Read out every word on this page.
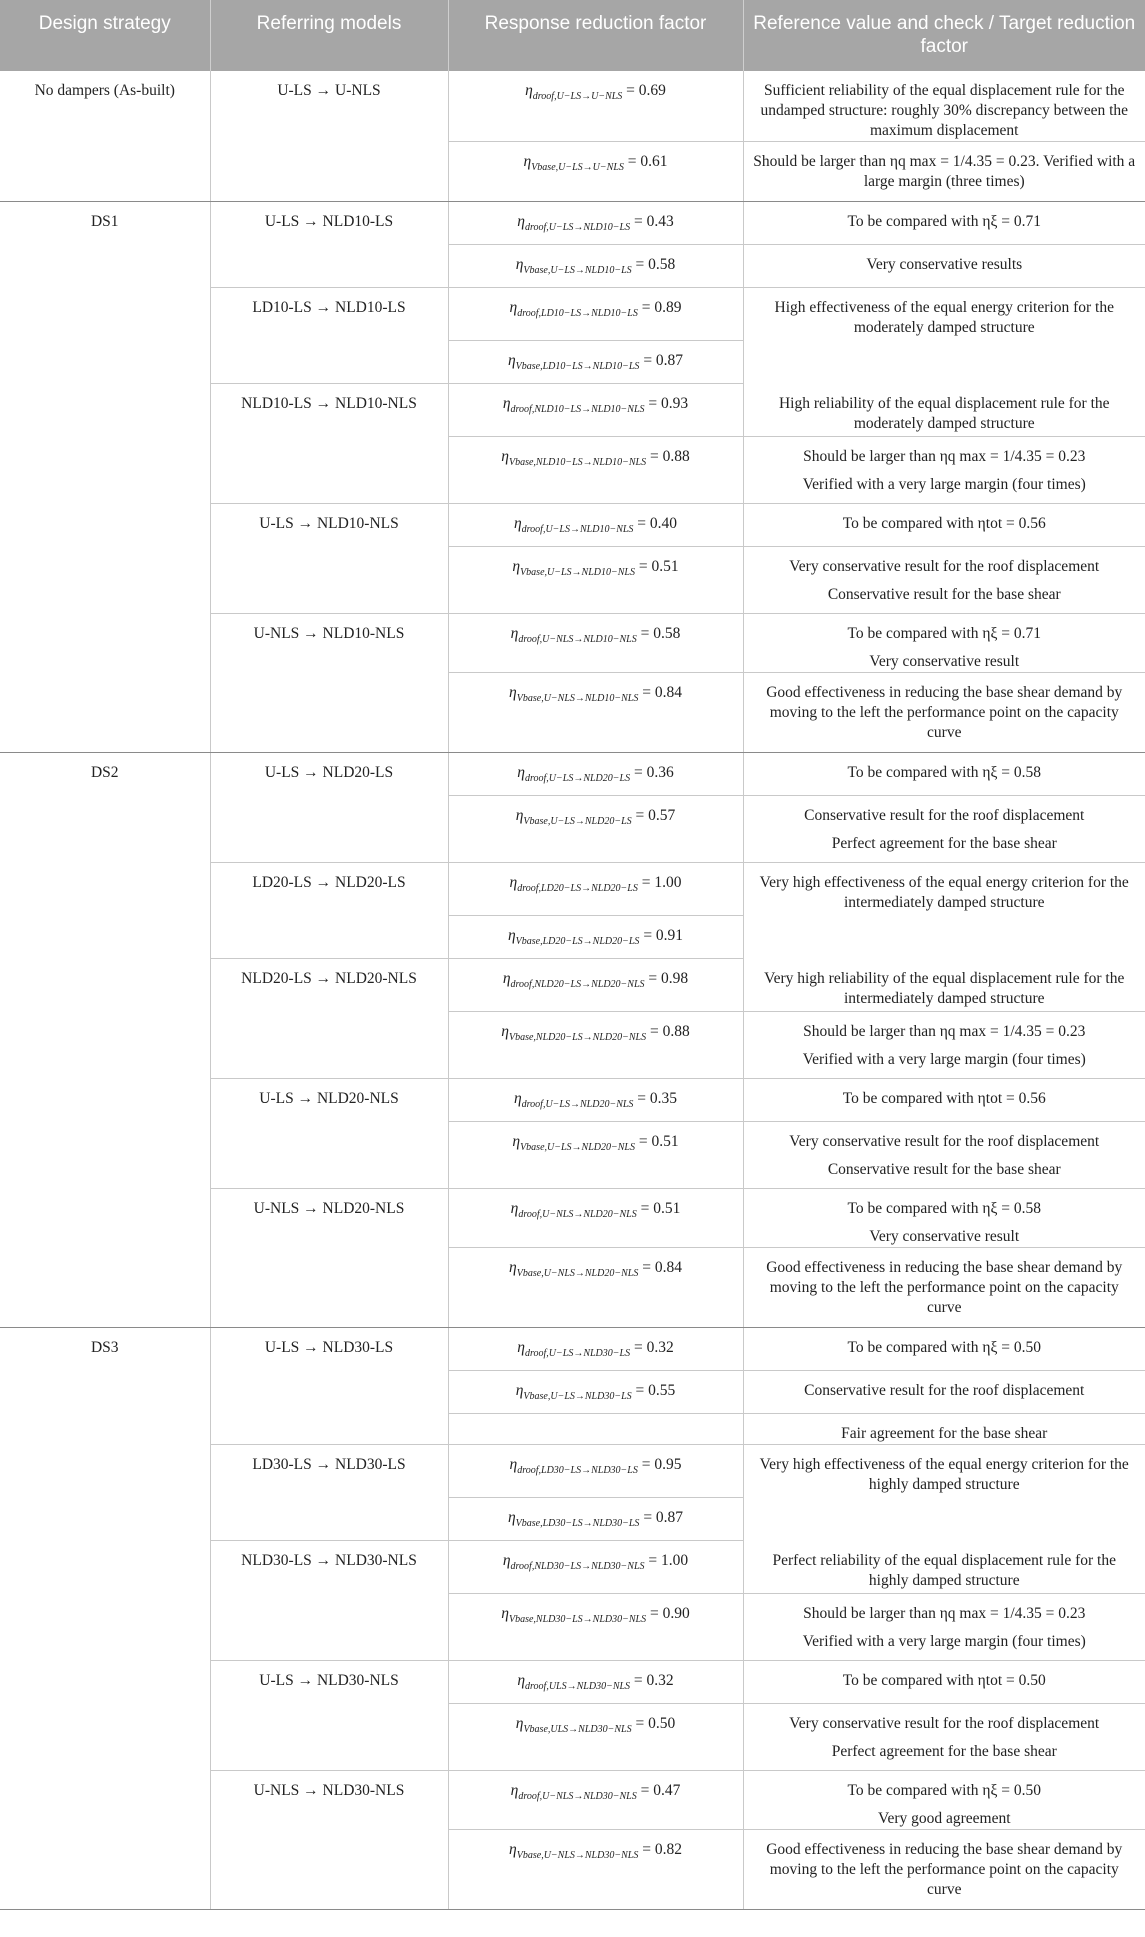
Design strategy	Referring models	Response reduction factor	Reference value and check / Target reduction factor
No dampers (As-built)	U-LS → U-NLS	$\eta_{droof,U-LS\to U-NLS} = 0.69$	Sufficient reliability of the equal displacement rule for the undamped structure: roughly 30% discrepancy between the maximum displacement

		$\eta_{Vbase,U-LS\to U-NLS} = 0.61$	Should be larger than ηq max = 1/4.35 = 0.23. Verified with a large margin (three times)

DS1	U-LS → NLD10-LS	$\eta_{droof,U-LS\to NLD10-LS} = 0.43$	To be compared with ηξ = 0.71

		$\eta_{Vbase,U-LS\to NLD10-LS} = 0.58$	Very conservative results

	LD10-LS → NLD10-LS	$\eta_{droof,LD10-LS\to NLD10-LS} = 0.89$	High effectiveness of the equal energy criterion for the moderately damped structure

		$\eta_{Vbase,LD10-LS\to NLD10-LS} = 0.87$	
	NLD10-LS → NLD10-NLS	$\eta_{droof,NLD10-LS\to NLD10-NLS} = 0.93$	High reliability of the equal displacement rule for the moderately damped structure

		$\eta_{Vbase,NLD10-LS\to NLD10-NLS} = 0.88$	Should be larger than ηq max = 1/4.35 = 0.23
Verified with a very large margin (four times)

	U-LS → NLD10-NLS	$\eta_{droof,U-LS\to NLD10-NLS} = 0.40$	To be compared with ηtot = 0.56

		$\eta_{Vbase,U-LS\to NLD10-NLS} = 0.51$	Very conservative result for the roof displacement
Conservative result for the base shear

	U-NLS → NLD10-NLS	$\eta_{droof,U-NLS\to NLD10-NLS} = 0.58$	To be compared with ηξ = 0.71
Very conservative result

		$\eta_{Vbase,U-NLS\to NLD10-NLS} = 0.84$	Good effectiveness in reducing the base shear demand by moving to the left the performance point on the capacity curve

DS2	U-LS → NLD20-LS	$\eta_{droof,U-LS\to NLD20-LS} = 0.36$	To be compared with ηξ = 0.58

		$\eta_{Vbase,U-LS\to NLD20-LS} = 0.57$	Conservative result for the roof displacement
Perfect agreement for the base shear

	LD20-LS → NLD20-LS	$\eta_{droof,LD20-LS\to NLD20-LS} = 1.00$	Very high effectiveness of the equal energy criterion for the intermediately damped structure

		$\eta_{Vbase,LD20-LS\to NLD20-LS} = 0.91$	
	NLD20-LS → NLD20-NLS	$\eta_{droof,NLD20-LS\to NLD20-NLS} = 0.98$	Very high reliability of the equal displacement rule for the intermediately damped structure

		$\eta_{Vbase,NLD20-LS\to NLD20-NLS} = 0.88$	Should be larger than ηq max = 1/4.35 = 0.23
Verified with a very large margin (four times)

	U-LS → NLD20-NLS	$\eta_{droof,U-LS\to NLD20-NLS} = 0.35$	To be compared with ηtot = 0.56

		$\eta_{Vbase,U-LS\to NLD20-NLS} = 0.51$	Very conservative result for the roof displacement
Conservative result for the base shear

	U-NLS → NLD20-NLS	$\eta_{droof,U-NLS\to NLD20-NLS} = 0.51$	To be compared with ηξ = 0.58
Very conservative result

		$\eta_{Vbase,U-NLS\to NLD20-NLS} = 0.84$	Good effectiveness in reducing the base shear demand by moving to the left the performance point on the capacity curve

DS3	U-LS → NLD30-LS	$\eta_{droof,U-LS\to NLD30-LS} = 0.32$	To be compared with ηξ = 0.50

		$\eta_{Vbase,U-LS\to NLD30-LS} = 0.55$	Conservative result for the roof displacement

			Fair agreement for the base shear

	LD30-LS → NLD30-LS	$\eta_{droof,LD30-LS\to NLD30-LS} = 0.95$	Very high effectiveness of the equal energy criterion for the highly damped structure

		$\eta_{Vbase,LD30-LS\to NLD30-LS} = 0.87$	
	NLD30-LS → NLD30-NLS	$\eta_{droof,NLD30-LS\to NLD30-NLS} = 1.00$	Perfect reliability of the equal displacement rule for the highly damped structure

		$\eta_{Vbase,NLD30-LS\to NLD30-NLS} = 0.90$	Should be larger than ηq max = 1/4.35 = 0.23
Verified with a very large margin (four times)

	U-LS → NLD30-NLS	$\eta_{droof,ULS\to NLD30-NLS} = 0.32$	To be compared with ηtot = 0.50

		$\eta_{Vbase,ULS\to NLD30-NLS} = 0.50$	Very conservative result for the roof displacement
Perfect agreement for the base shear

	U-NLS → NLD30-NLS	$\eta_{droof,U-NLS\to NLD30-NLS} = 0.47$	To be compared with ηξ = 0.50
Very good agreement

		$\eta_{Vbase,U-NLS\to NLD30-NLS} = 0.82$	Good effectiveness in reducing the base shear demand by moving to the left the performance point on the capacity curve
